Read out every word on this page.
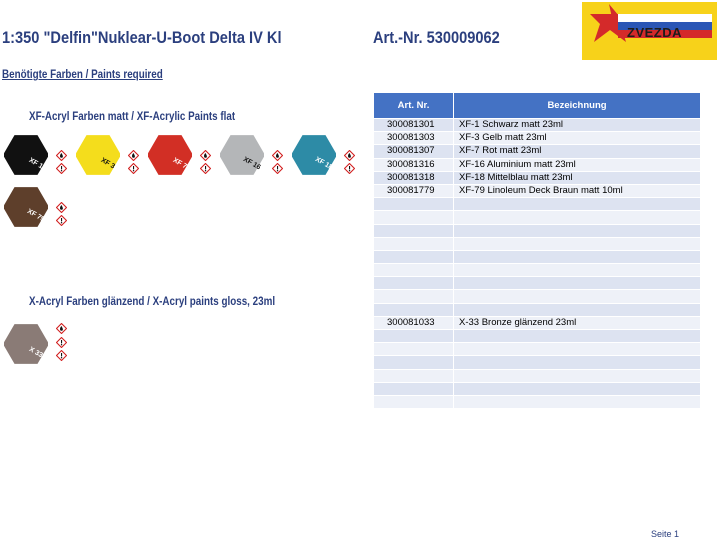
1:350 "Delfin"Nuklear-U-Boot Delta IV Kl	Art.-Nr. 530009062	ZVEZDA
Benötigte Farben / Paints required
XF-Acryl Farben matt / XF-Acrylic Paints flat
X-Acryl Farben glänzend / X-Acryl paints gloss, 23ml
XF 1	XF 3	XF 7	XF 16	XF 18
XF 79
X 33
Art. Nr.	Bezeichnung
300081301	XF-1 Schwarz matt 23ml
300081303	XF-3 Gelb matt 23ml
300081307	XF-7 Rot matt 23ml
300081316	XF-16 Aluminium matt 23ml
300081318	XF-18 Mittelblau matt 23ml
300081779	XF-79 Linoleum Deck Braun matt 10ml

300081033	X-33 Bronze glänzend 23ml

Seite 1
